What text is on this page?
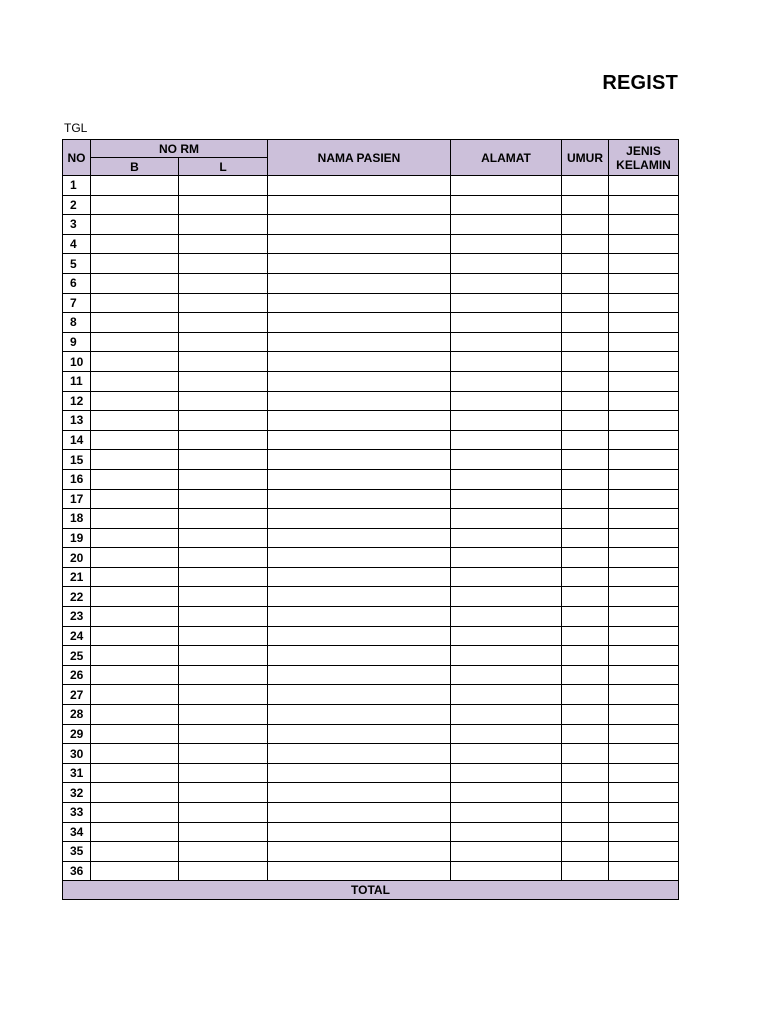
REGIST
TGL
NO	NO RM		NAMA PASIEN	ALAMAT	UMUR	JENIS KELAMIN
	B	L				
1						
2						
3						
4						
5						
6						
7						
8						
9						
10						
11						
12						
13						
14						
15						
16						
17						
18						
19						
20						
21						
22						
23						
24						
25						
26						
27						
28						
29						
30						
31						
32						
33						
34						
35						
36						
TOTAL						
